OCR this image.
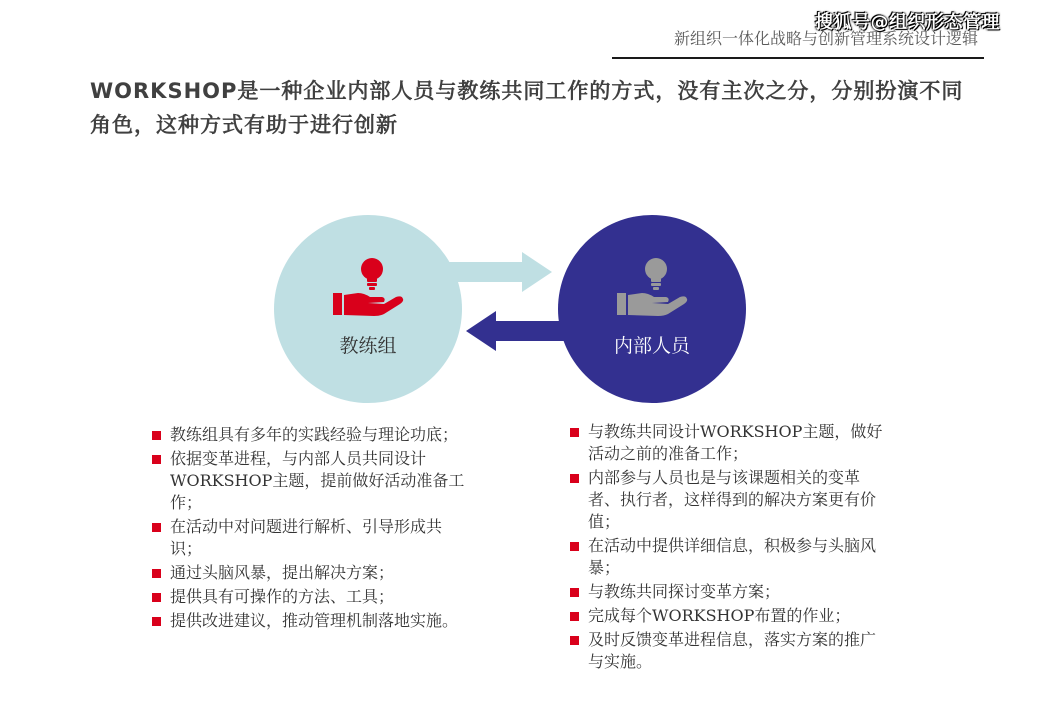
新组织一体化战略与创新管理系统设计逻辑
搜狐号@组织形态管理
WORKSHOP是一种企业内部人员与教练共同工作的方式，没有主次之分，分别扮演不同角色，这种方式有助于进行创新
教练组	内部人员
教练组具有多年的实践经验与理论功底；
依据变革进程，与内部人员共同设计WORKSHOP主题，提前做好活动准备工作；
在活动中对问题进行解析、引导形成共识；
通过头脑风暴，提出解决方案；
提供具有可操作的方法、工具；
提供改进建议，推动管理机制落地实施。
与教练共同设计WORKSHOP主题，做好活动之前的准备工作；
内部参与人员也是与该课题相关的变革者、执行者，这样得到的解决方案更有价值；
在活动中提供详细信息，积极参与头脑风暴；
与教练共同探讨变革方案；
完成每个WORKSHOP布置的作业；
及时反馈变革进程信息，落实方案的推广与实施。
